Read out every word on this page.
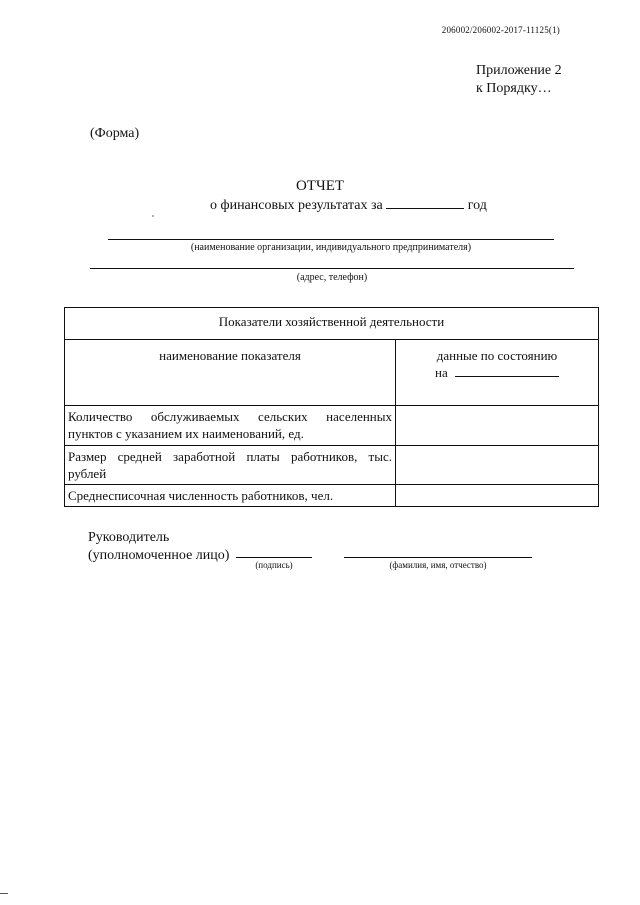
206002/206002-2017-11125(1)
Приложение 2
к Порядку…
(Форма)
ОТЧЕТ
о финансовых результатах за	год
(наименование организации, индивидуального предпринимателя)
(адрес, телефон)
Показатели хозяйственной деятельности	
наименование показателя	данные по состоянию
на

Количество обслуживаемых сельских населенных пунктов с указанием их наименований, ед.	
Размер средней заработной платы работников, тыс. рублей	
Среднесписочная численность работников, чел.	
Руководитель
(уполномоченное лицо)
(подпись)	(фамилия, имя, отчество)
